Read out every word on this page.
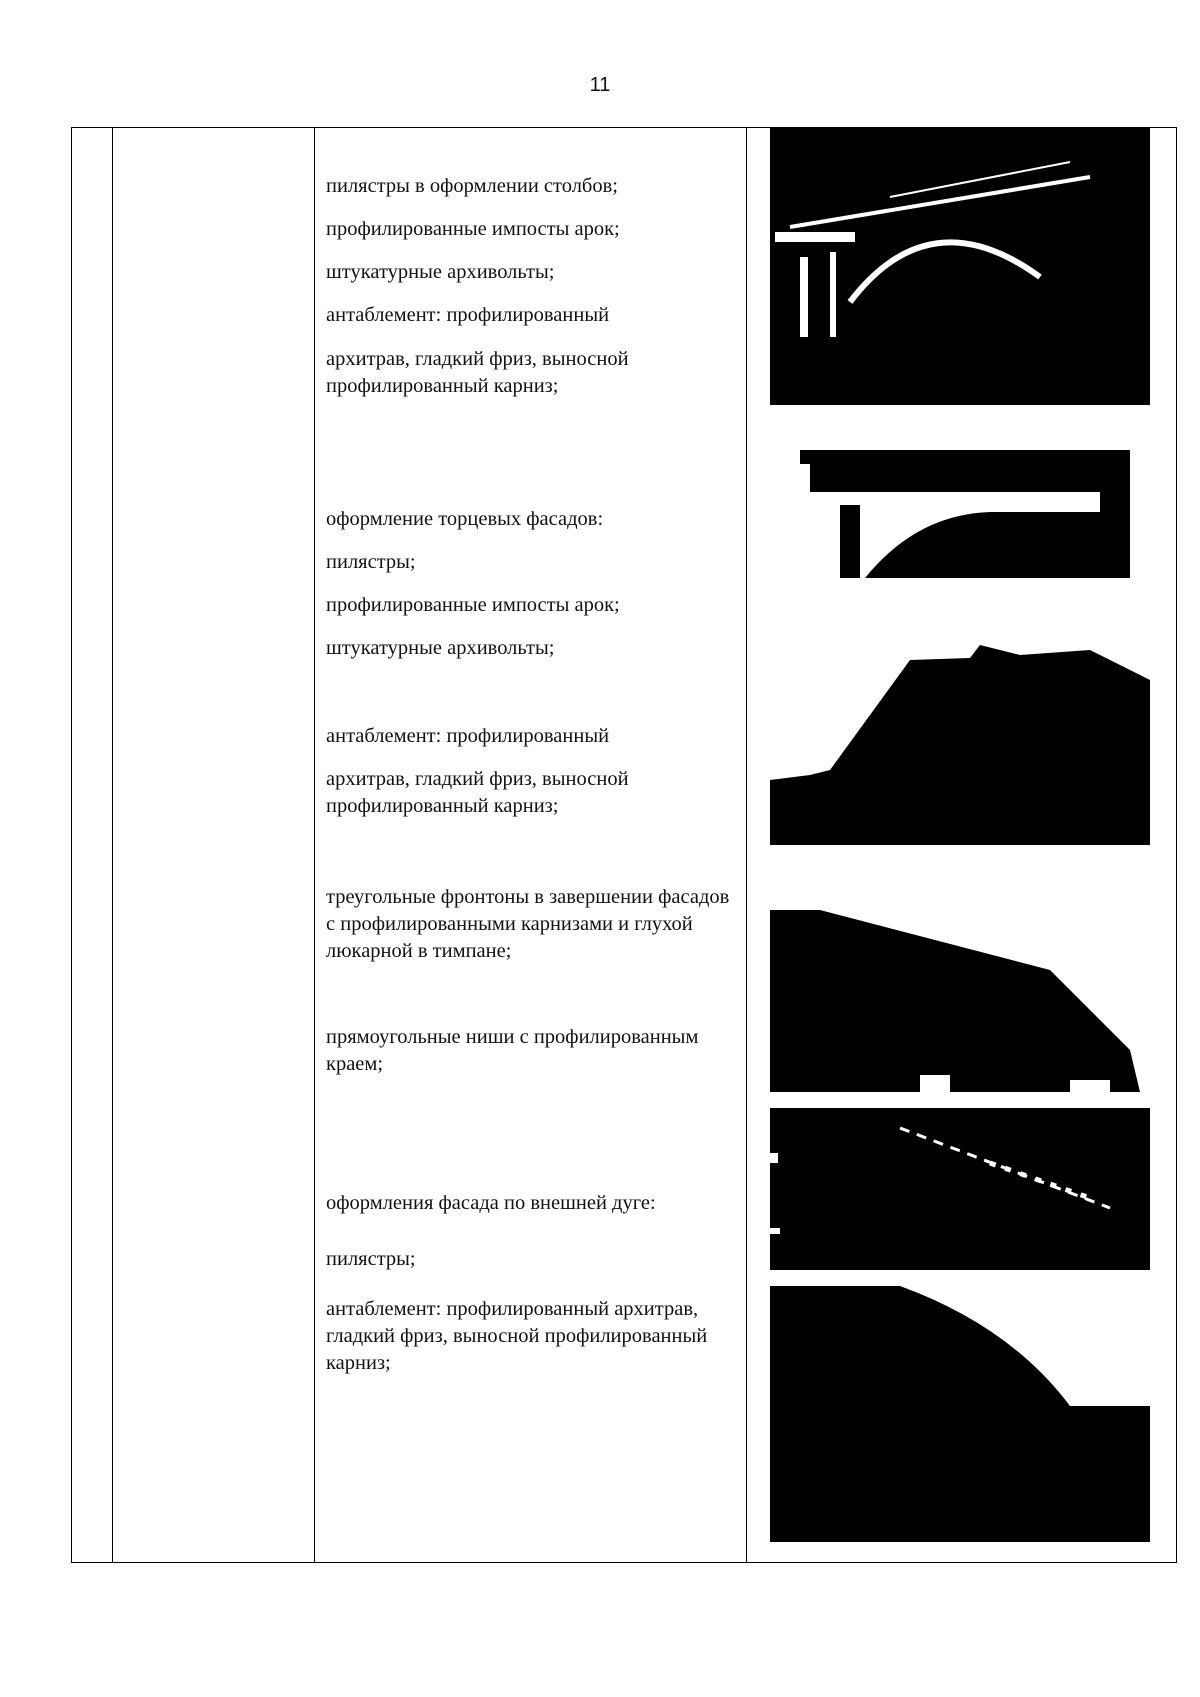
11
пилястры в оформлении столбов;
профилированные импосты арок;
штукатурные архивольты;
антаблемент: профилированный
архитрав, гладкий фриз, выносной профилированный карниз;
оформление торцевых фасадов:
пилястры;
профилированные импосты арок;
штукатурные архивольты;
антаблемент: профилированный
архитрав, гладкий фриз, выносной профилированный карниз;
треугольные фронтоны в завершении фасадов с профилированными карнизами и глухой люкарной в тимпане;
прямоугольные ниши с профилированным краем;
оформления фасада по внешней дуге:
пилястры;
антаблемент: профилированный архитрав, гладкий фриз, выносной профилированный карниз;
